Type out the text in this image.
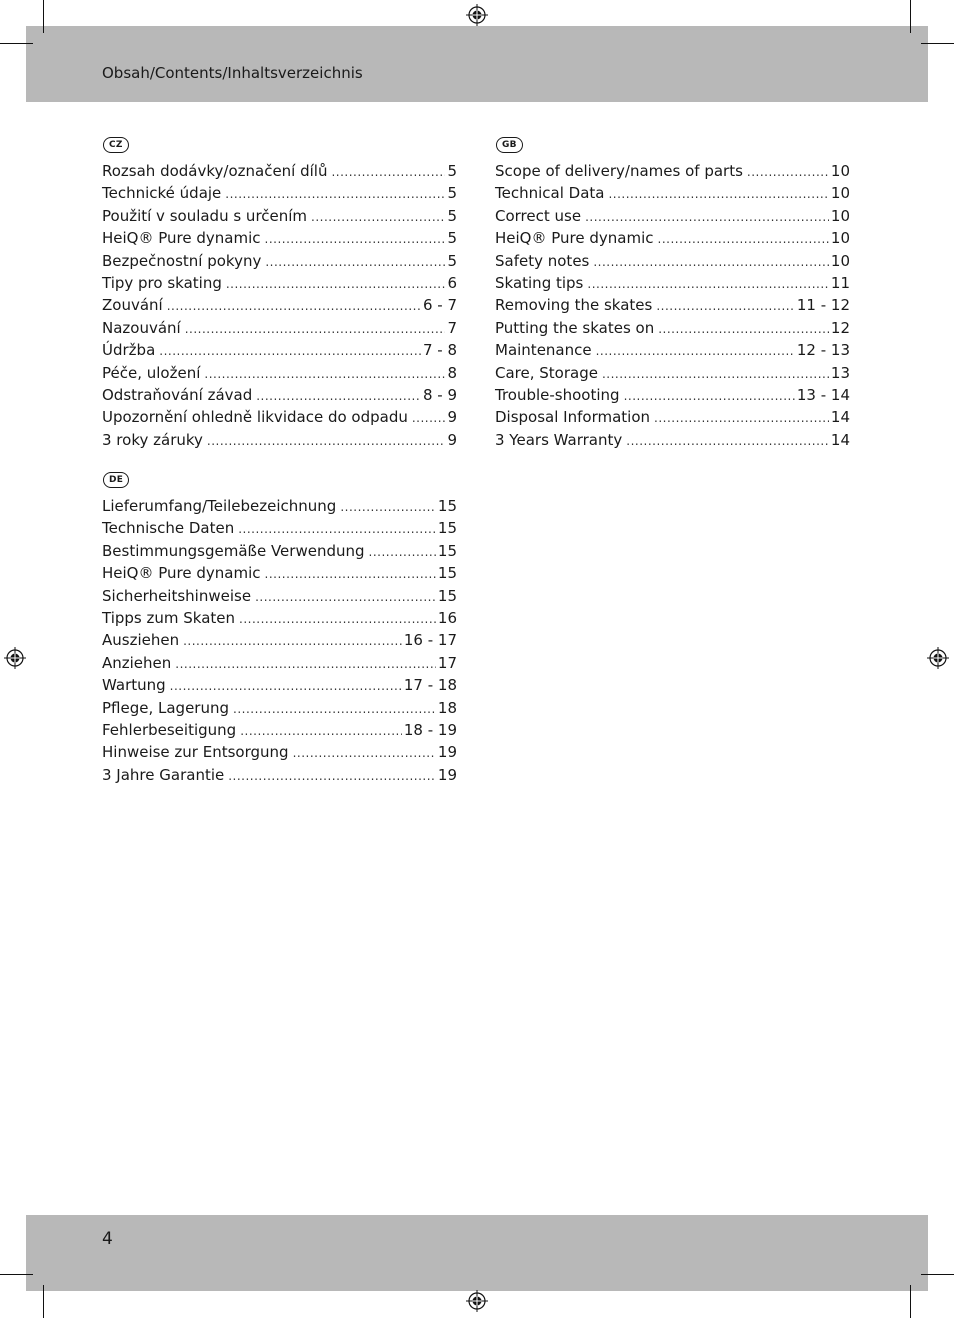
Obsah/Contents/Inhaltsverzeichnis
4
CZ
Rozsah dodávky/označení dílů .....	5
Technické údaje .....	5
Použití v souladu s určením .....	5
HeiQ® Pure dynamic .....	5
Bezpečnostní pokyny .....	5
Tipy pro skating .....	6
Zouvání .....	6 - 7
Nazouvání .....	7
Údržba .....	7 - 8
Péče, uložení .....	8
Odstraňování závad .....	8 - 9
Upozornění ohledně likvidace do odpadu .....	9
3 roky záruky .....	9
GB
Scope of delivery/names of parts .....	10
Technical Data .....	10
Correct use .....	10
HeiQ® Pure dynamic .....	10
Safety notes .....	10
Skating tips .....	11
Removing the skates .....	11 - 12
Putting the skates on .....	12
Maintenance .....	12 - 13
Care, Storage .....	13
Trouble-shooting .....	13 - 14
Disposal Information .....	14
3 Years Warranty .....	14
DE
Lieferumfang/Teilebezeichnung .....	15
Technische Daten .....	15
Bestimmungsgemäße Verwendung .....	15
HeiQ® Pure dynamic .....	15
Sicherheitshinweise .....	15
Tipps zum Skaten .....	16
Ausziehen .....	16 - 17
Anziehen .....	17
Wartung .....	17 - 18
Pflege, Lagerung .....	18
Fehlerbeseitigung .....	18 - 19
Hinweise zur Entsorgung .....	19
3 Jahre Garantie .....	19
